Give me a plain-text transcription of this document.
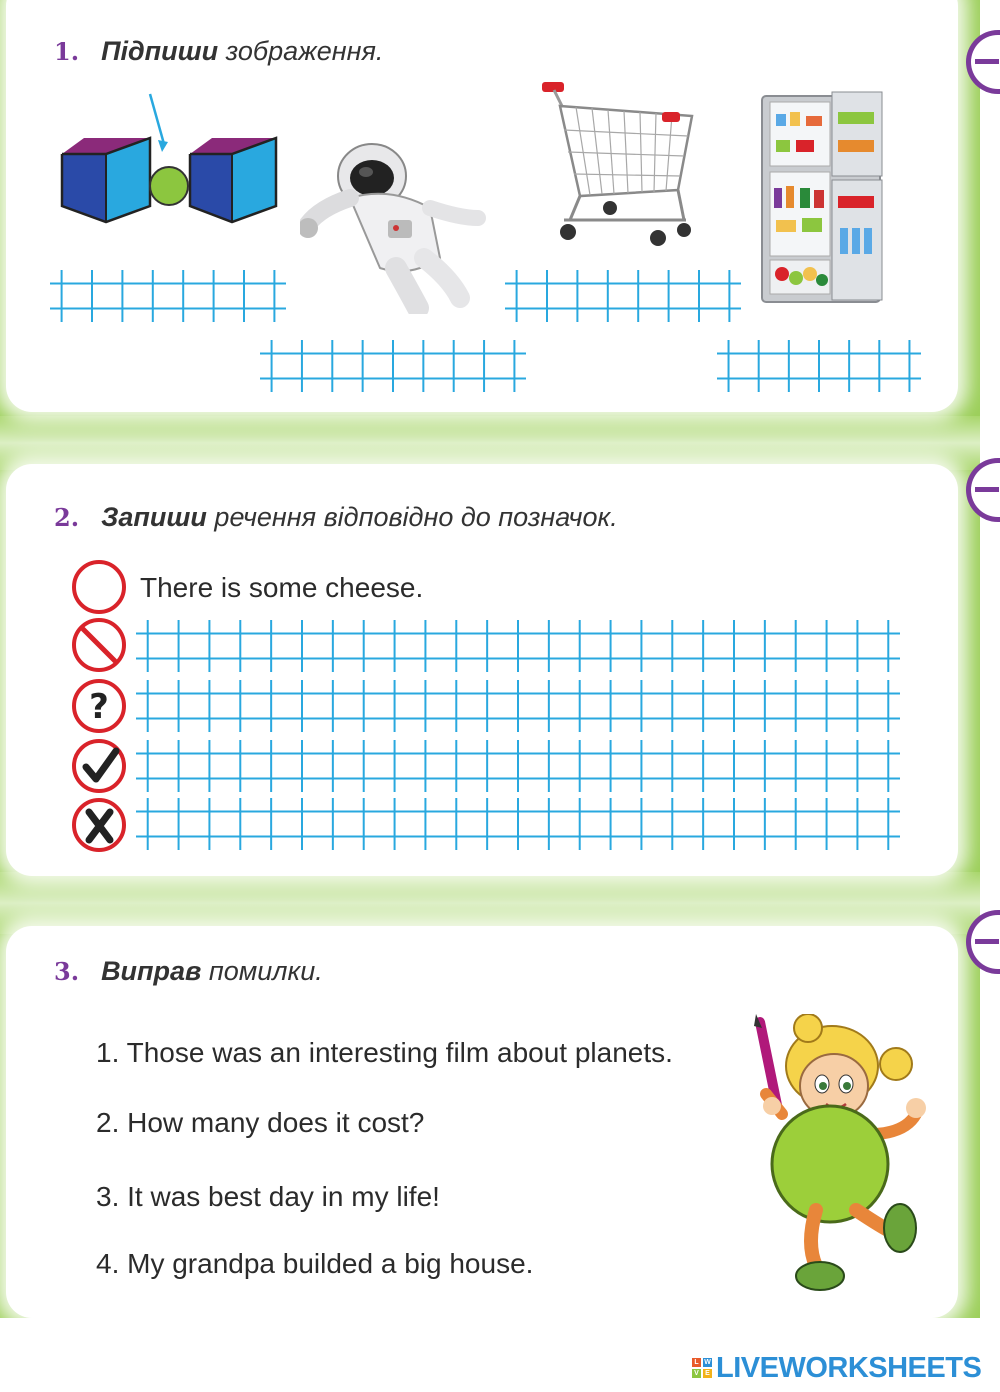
1. Підпиши зображення.
2. Запиши речення відповідно до позначок.
There is some cheese.
?
3. Виправ помилки.
1. Those was an interesting film about planets.
2. How many does it cost?
3. It was best day in my life!
4. My grandpa builded a big house.
L W
V E LIVEWORKSHEETS
